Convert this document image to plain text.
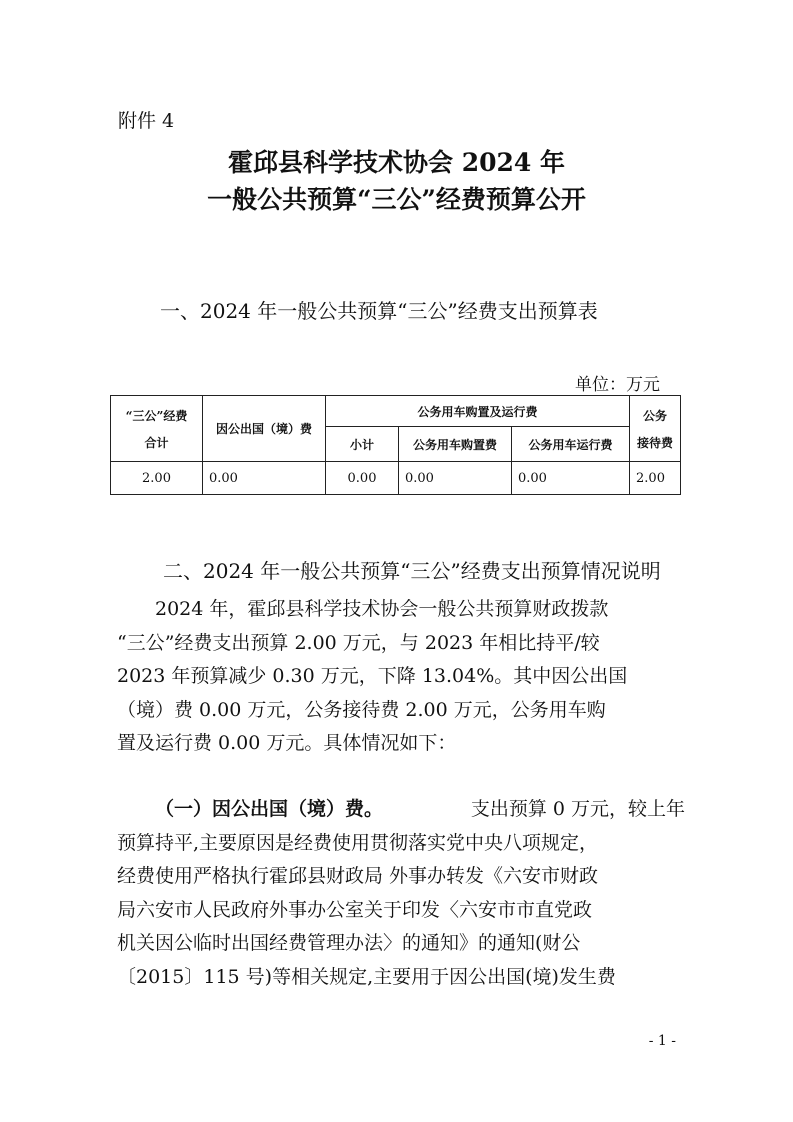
附件 4
霍邱县科学技术协会 2024 年
一般公共预算“三公”经费预算公开
一、2024 年一般公共预算“三公”经费支出预算表
单位：万元
“三公”经费
合计	因公出国（境）费	公务用车购置及运行费			公务
接待费

		小计	公务用车购置费	公务用车运行费	
2.00	0.00	0.00	0.00	0.00	2.00
二、2024 年一般公共预算“三公”经费支出预算情况说明
2024 年，霍邱县科学技术协会一般公共预算财政拨款
“三公”经费支出预算 2.00 万元，与 2023 年相比持平/较
2023 年预算减少 0.30 万元，下降 13.04%。其中因公出国
（境）费 0.00 万元，公务接待费 2.00 万元，公务用车购
置及运行费 0.00 万元。具体情况如下：
（一）因公出国（境）费。	支出预算 0 万元，较上年
预算持平,主要原因是经费使用贯彻落实党中央八项规定，
经费使用严格执行霍邱县财政局 外事办转发《六安市财政
局六安市人民政府外事办公室关于印发〈六安市市直党政
机关因公临时出国经费管理办法〉的通知》的通知(财公
〔2015〕115 号)等相关规定,主要用于因公出国(境)发生费
- 1 -
